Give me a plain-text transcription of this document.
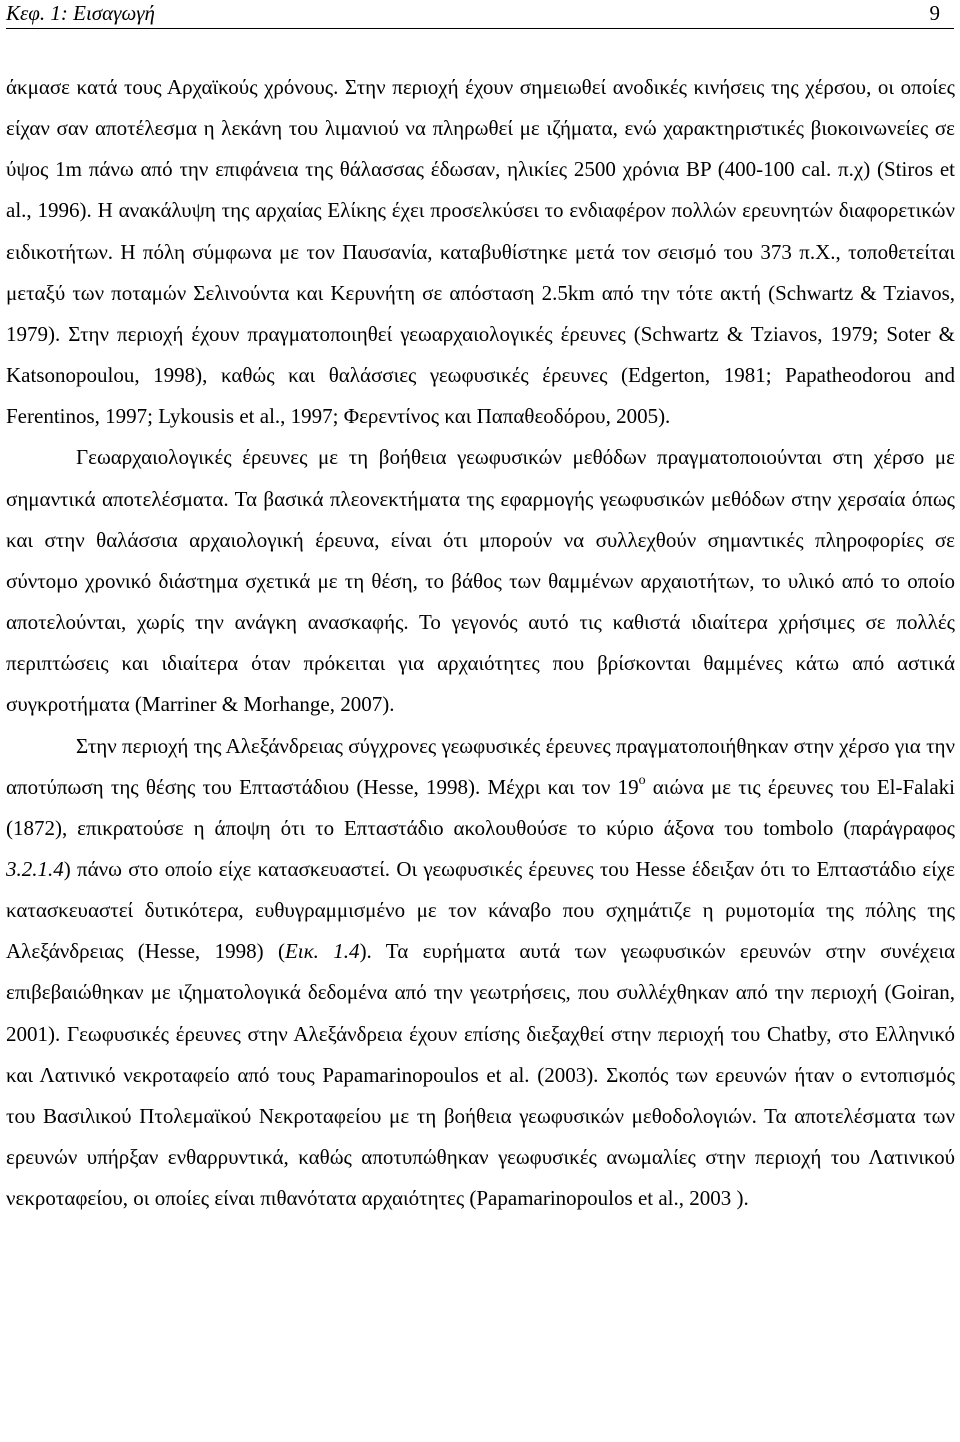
Κεφ. 1: Εισαγωγή	9

άκμασε κατά τους Αρχαϊκούς χρόνους. Στην περιοχή έχουν σημειωθεί ανοδικές κινήσεις της χέρσου, οι οποίες είχαν σαν αποτέλεσμα η λεκάνη του λιμανιού να πληρωθεί με ιζήματα, ενώ χαρακτηριστικές βιοκοινωνείες σε ύψος 1m πάνω από την επιφάνεια της θάλασσας έδωσαν, ηλικίες 2500 χρόνια BP (400-100 cal. π.χ) (Stiros et al., 1996). Η ανακάλυψη της αρχαίας Ελίκης έχει προσελκύσει το ενδιαφέρον πολλών ερευνητών διαφορετικών ειδικοτήτων. Η πόλη σύμφωνα με τον Παυσανία, καταβυθίστηκε μετά τον σεισμό του 373 π.Χ., τοποθετείται μεταξύ των ποταμών Σελινούντα και Κερυνήτη σε απόσταση 2.5km από την τότε ακτή (Schwartz & Tziavos, 1979). Στην περιοχή έχουν πραγματοποιηθεί γεωαρχαιολογικές έρευνες (Schwartz & Tziavos, 1979; Soter & Katsonopoulou, 1998), καθώς και θαλάσσιες γεωφυσικές έρευνες (Edgerton, 1981; Papatheodorou and Ferentinos, 1997; Lykousis et al., 1997; Φερεντίνος και Παπαθεοδόρου, 2005).

Γεωαρχαιολογικές έρευνες με τη βοήθεια γεωφυσικών μεθόδων πραγματοποιούνται στη χέρσο με σημαντικά αποτελέσματα. Τα βασικά πλεονεκτήματα της εφαρμογής γεωφυσικών μεθόδων στην χερσαία όπως και στην θαλάσσια αρχαιολογική έρευνα, είναι ότι μπορούν να συλλεχθούν σημαντικές πληροφορίες σε σύντομο χρονικό διάστημα σχετικά με τη θέση, το βάθος των θαμμένων αρχαιοτήτων, το υλικό από το οποίο αποτελούνται, χωρίς την ανάγκη ανασκαφής. Το γεγονός αυτό τις καθιστά ιδιαίτερα χρήσιμες σε πολλές περιπτώσεις και ιδιαίτερα όταν πρόκειται για αρχαιότητες που βρίσκονται θαμμένες κάτω από αστικά συγκροτήματα (Marriner & Morhange, 2007).

Στην περιοχή της Αλεξάνδρειας σύγχρονες γεωφυσικές έρευνες πραγματοποιήθηκαν στην χέρσο για την αποτύπωση της θέσης του Επταστάδιου (Hesse, 1998). Μέχρι και τον $19^o$ αιώνα με τις έρευνες του El-Falaki (1872), επικρατούσε η άποψη ότι το Επταστάδιο ακολουθούσε το κύριο άξονα του tombolo (παράγραφος 3.2.1.4) πάνω στο οποίο είχε κατασκευαστεί. Οι γεωφυσικές έρευνες του Hesse έδειξαν ότι το Επταστάδιο είχε κατασκευαστεί δυτικότερα, ευθυγραμμισμένο με τον κάναβο που σχημάτιζε η ρυμοτομία της πόλης της Αλεξάνδρειας (Hesse, 1998) (Εικ. 1.4). Τα ευρήματα αυτά των γεωφυσικών ερευνών στην συνέχεια επιβεβαιώθηκαν με ιζηματολογικά δεδομένα από την γεωτρήσεις, που συλλέχθηκαν από την περιοχή (Goiran, 2001). Γεωφυσικές έρευνες στην Αλεξάνδρεια έχουν επίσης διεξαχθεί στην περιοχή του Chatby, στο Ελληνικό και Λατινικό νεκροταφείο από τους Papamarinopoulos et al. (2003). Σκοπός των ερευνών ήταν ο εντοπισμός του Βασιλικού Πτολεμαϊκού Νεκροταφείου με τη βοήθεια γεωφυσικών μεθοδολογιών. Τα αποτελέσματα των ερευνών υπήρξαν ενθαρρυντικά, καθώς αποτυπώθηκαν γεωφυσικές ανωμαλίες στην περιοχή του Λατινικού νεκροταφείου, οι οποίες είναι πιθανότατα αρχαιότητες (Papamarinopoulos et al., 2003 ).
